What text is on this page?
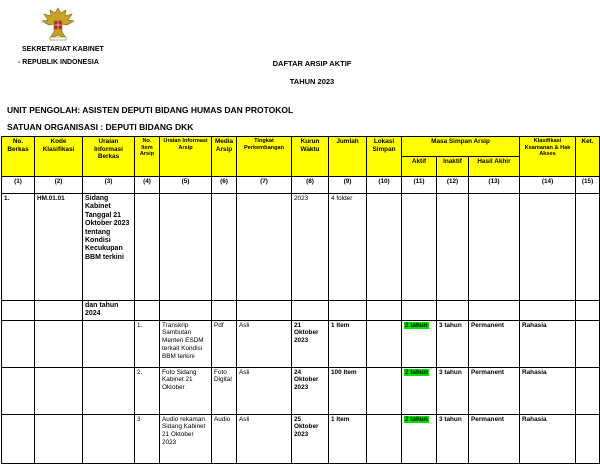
SEKRETARIAT KABINET
- REPUBLIK INDONESIA	DAFTAR ARSIP AKTIF
TAHUN 2023
UNIT PENGOLAH: ASISTEN DEPUTI BIDANG HUMAS DAN PROTOKOL
SATUAN ORGANISASI : DEPUTI BIDANG DKK
No. Berkas	Kode Klasifikasi	Uraian Informasi Berkas	No. Item Arsip	Uraian Informasi Arsip	Media Arsip	Tingkat Perkembangan	Kurun Waktu	Jumlah	Lokasi Simpan	Masa Simpan Arsip			Klasifikasi Keamanan & Hak Akses	Ket.
										Aktif	Inaktif	Hasil Akhir		
(1)	(2)	(3)	(4)	(5)	(6)	(7)	(8)	(9)	(10)	(11)	(12)	(13)	(14)	(15)
1.	HM.01.01	Sidang Kabinet Tanggal 21 Oktober 2023 tentang Kondisi Kecukupan BBM terkini					2023	4 folder						
		dan tahun 2024												
			1.	Transkrip Sambutan Menteri ESDM terkait Kondisi BBM terkini	Pdf	Asli	21 Oktober 2023	1 Item		2 tahun	3 tahun	Permanent	Rahasia	
			2.	Foto Sidang Kabinet 21 Oktober	Foto Digital	Asli	24 Oktober 2023	100 Item		2 tahun	3 tahun	Permanent	Rahasia	
			3	Audio rekaman Sidang Kabinet 21 Oktober 2023	Audio	Asli	25 Oktober 2023	1 Item		2 tahun	3 tahun	Permanent	Rahasia	
